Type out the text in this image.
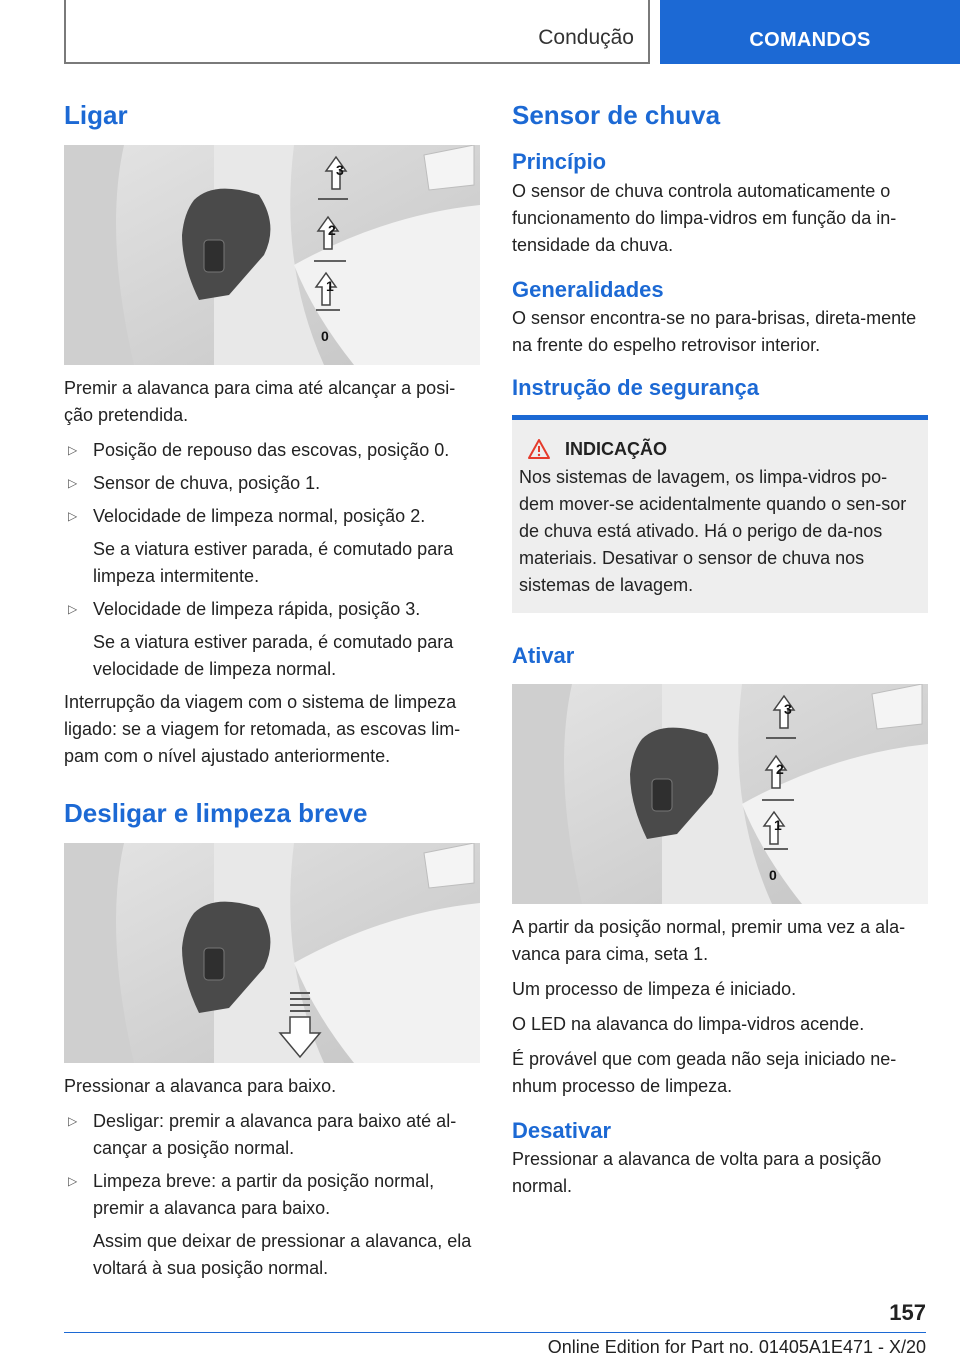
Condução	COMANDOS
Ligar
3
2
1
0

Premir a alavanca para cima até alcançar a posi‐ção pretendida.

▷ Posição de repouso das escovas, posição 0.
▷ Sensor de chuva, posição 1.
▷ Velocidade de limpeza normal, posição 2.
Se a viatura estiver parada, é comutado para limpeza intermitente.
▷ Velocidade de limpeza rápida, posição 3.
Se a viatura estiver parada, é comutado para velocidade de limpeza normal.

Interrupção da viagem com o sistema de limpeza ligado: se a viagem for retomada, as escovas lim‐pam com o nível ajustado anteriormente.

Desligar e limpeza breve

Pressionar a alavanca para baixo.

▷ Desligar: premir a alavanca para baixo até al‐cançar a posição normal.
▷ Limpeza breve: a partir da posição normal, premir a alavanca para baixo.
Assim que deixar de pressionar a alavanca, ela voltará à sua posição normal.
Sensor de chuva
Princípio

O sensor de chuva controla automaticamente o funcionamento do limpa-vidros em função da in‐tensidade da chuva.

Generalidades

O sensor encontra-se no para-brisas, direta‐mente na frente do espelho retrovisor interior.

Instrução de segurança
INDICAÇÃO

Nos sistemas de lavagem, os limpa-vidros po‐dem mover-se acidentalmente quando o sen‐sor de chuva está ativado. Há o perigo de da‐nos materiais. Desativar o sensor de chuva nos sistemas de lavagem.

Ativar
3
2
1
0

A partir da posição normal, premir uma vez a ala‐vanca para cima, seta 1.

Um processo de limpeza é iniciado.

O LED na alavanca do limpa-vidros acende.

É provável que com geada não seja iniciado ne‐nhum processo de limpeza.

Desativar

Pressionar a alavanca de volta para a posição normal.

157
Online Edition for Part no. 01405A1E471 - X/20
